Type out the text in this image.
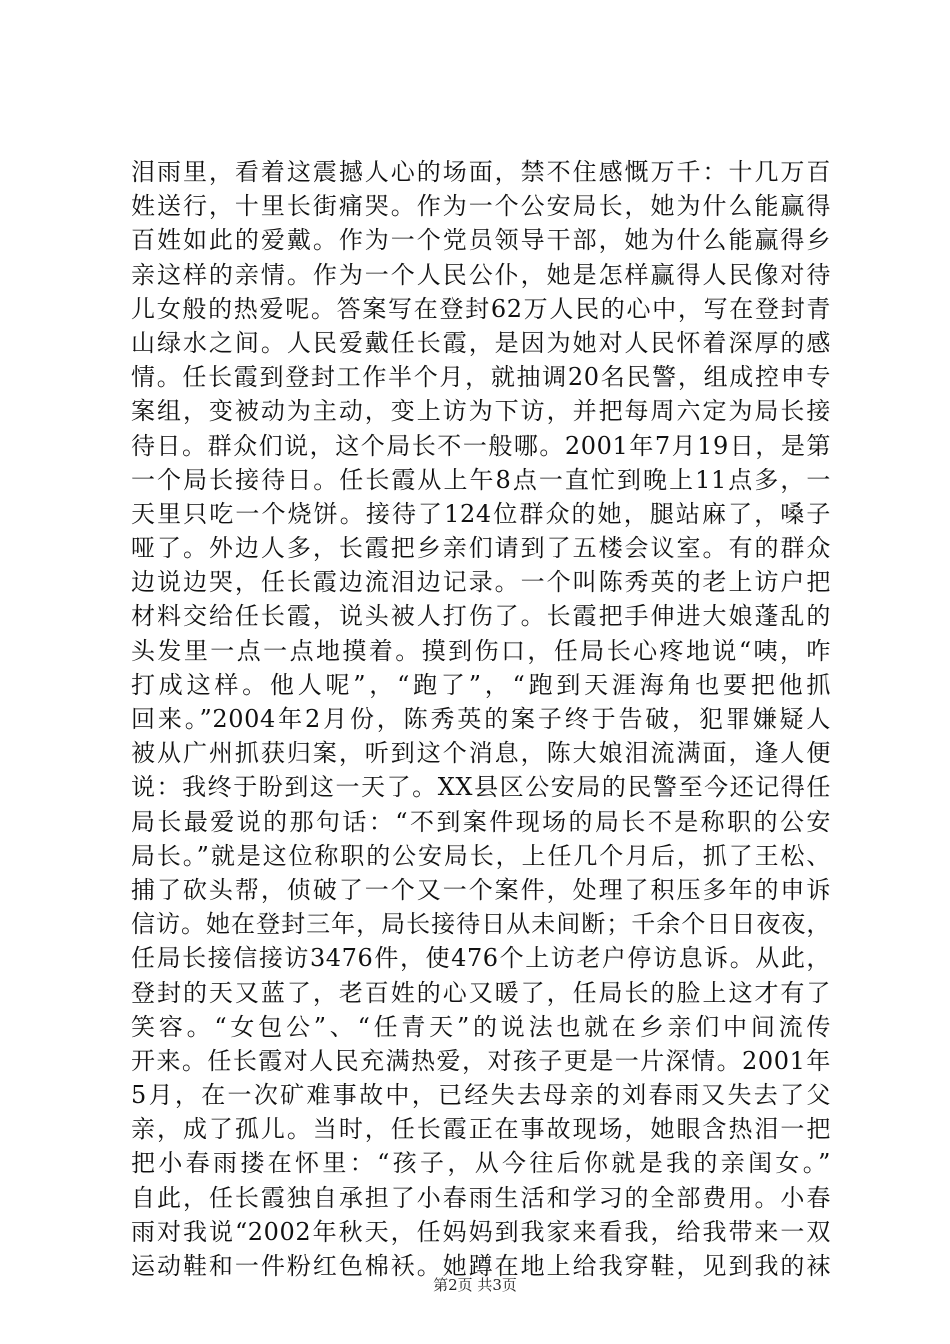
泪雨里，看着这震撼人心的场面，禁不住感慨万千：十几万百
姓送行，十里长街痛哭。作为一个公安局长，她为什么能赢得
百姓如此的爱戴。作为一个党员领导干部，她为什么能赢得乡
亲这样的亲情。作为一个人民公仆，她是怎样赢得人民像对待
儿女般的热爱呢。答案写在登封62万人民的心中，写在登封青
山绿水之间。人民爱戴任长霞，是因为她对人民怀着深厚的感
情。任长霞到登封工作半个月，就抽调20名民警，组成控申专
案组，变被动为主动，变上访为下访，并把每周六定为局长接
待日。群众们说，这个局长不一般哪。2001年7月19日，是第
一个局长接待日。任长霞从上午8点一直忙到晚上11点多，一
天里只吃一个烧饼。接待了124位群众的她，腿站麻了，嗓子
哑了。外边人多，长霞把乡亲们请到了五楼会议室。有的群众
边说边哭，任长霞边流泪边记录。一个叫陈秀英的老上访户把
材料交给任长霞，说头被人打伤了。长霞把手伸进大娘蓬乱的
头发里一点一点地摸着。摸到伤口，任局长心疼地说“咦，咋
打成这样。他人呢”，“跑了”，“跑到天涯海角也要把他抓
回来。”2004年2月份，陈秀英的案子终于告破，犯罪嫌疑人
被从广州抓获归案，听到这个消息，陈大娘泪流满面，逢人便
说：我终于盼到这一天了。XX县区公安局的民警至今还记得任
局长最爱说的那句话：“不到案件现场的局长不是称职的公安
局长。”就是这位称职的公安局长，上任几个月后，抓了王松、
捕了砍头帮，侦破了一个又一个案件，处理了积压多年的申诉
信访。她在登封三年，局长接待日从未间断；千余个日日夜夜，
任局长接信接访3476件，使476个上访老户停访息诉。从此，
登封的天又蓝了，老百姓的心又暖了，任局长的脸上这才有了
笑容。“女包公”、“任青天”的说法也就在乡亲们中间流传
开来。任长霞对人民充满热爱，对孩子更是一片深情。2001年
5月，在一次矿难事故中，已经失去母亲的刘春雨又失去了父
亲，成了孤儿。当时，任长霞正在事故现场，她眼含热泪一把
把小春雨搂在怀里：“孩子，从今往后你就是我的亲闺女。”
自此，任长霞独自承担了小春雨生活和学习的全部费用。小春
雨对我说“2002年秋天，任妈妈到我家来看我，给我带来一双
运动鞋和一件粉红色棉袄。她蹲在地上给我穿鞋，见到我的袜
第2页 共3页
